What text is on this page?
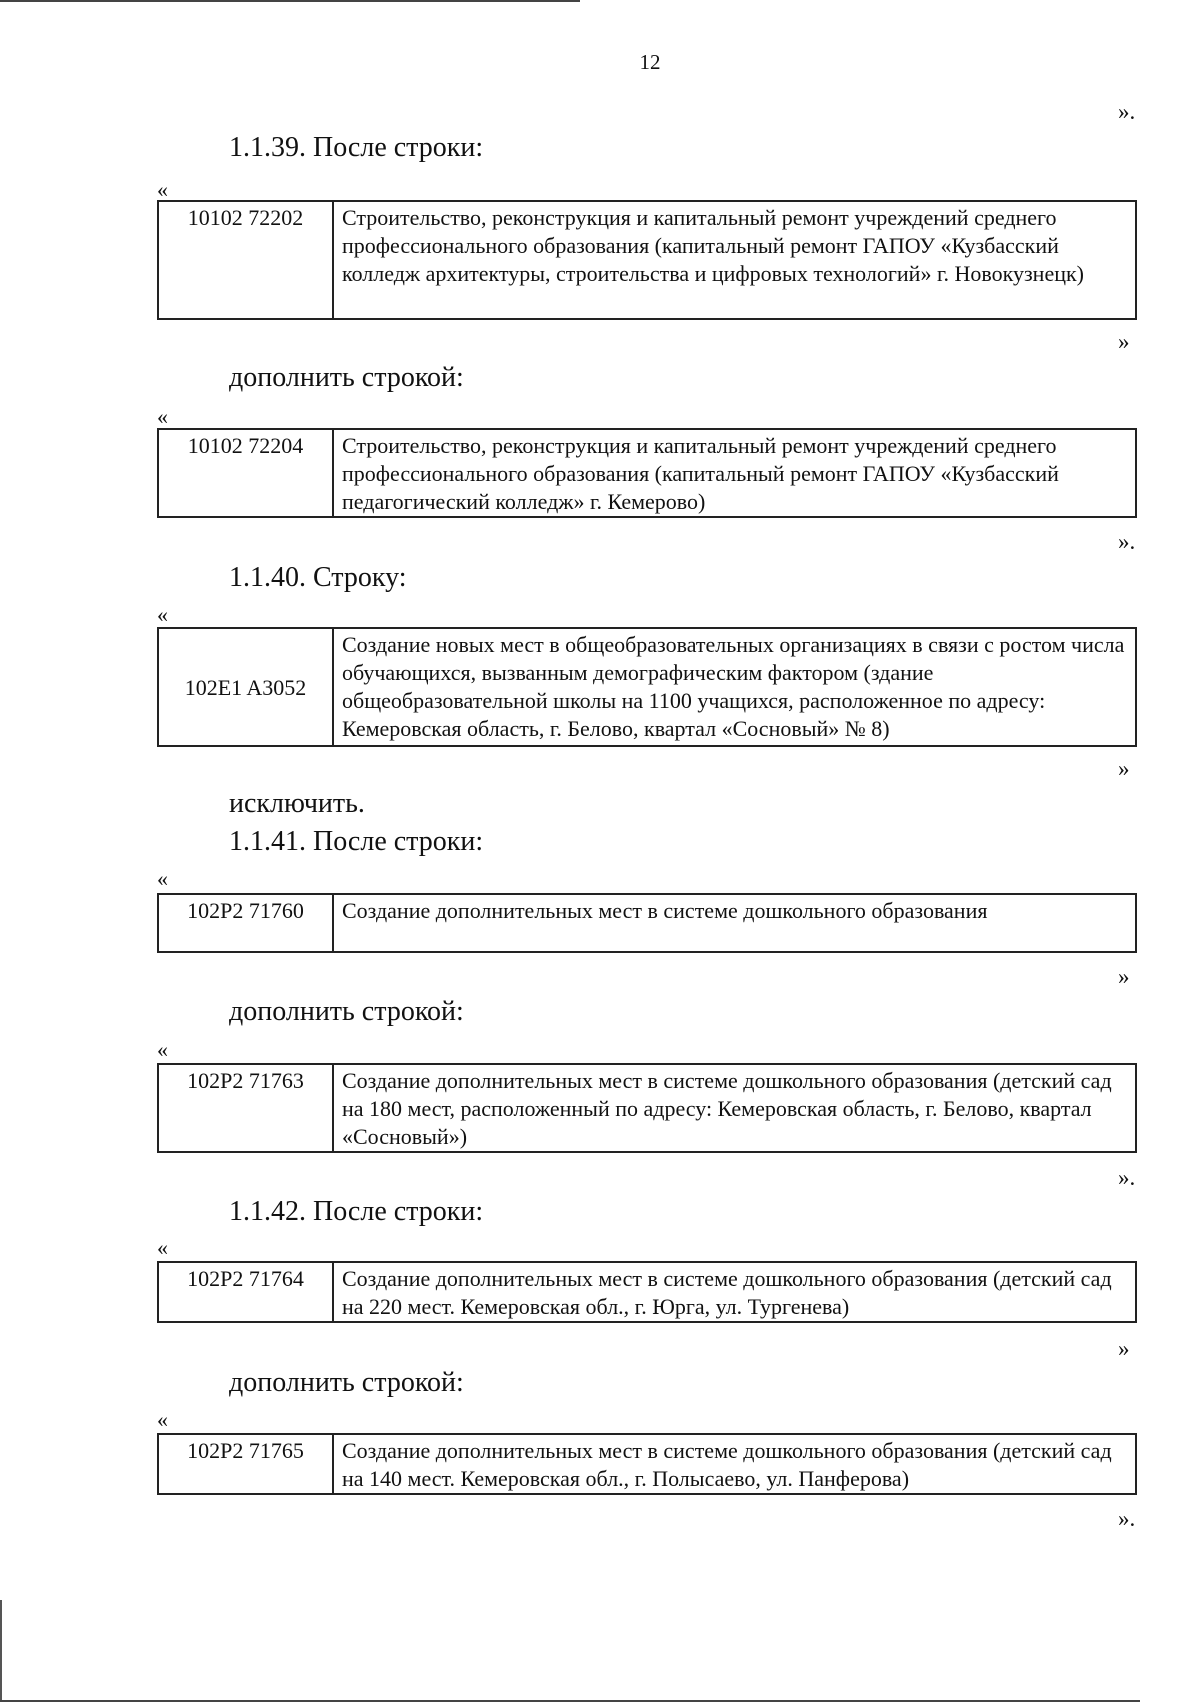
12
».
1.1.39. После строки:
«
10102 72202	Строительство, реконструкция и капитальный ремонт учреждений среднего профессионального образования (капитальный ремонт ГАПОУ «Кузбасский колледж архитектуры, строительства и цифровых технологий» г. Новокузнецк)
»
дополнить строкой:
«
10102 72204	Строительство, реконструкция и капитальный ремонт учреждений среднего профессионального образования (капитальный ремонт ГАПОУ «Кузбасский педагогический колледж» г. Кемерово)
».
1.1.40. Строку:
«
102E1 A3052	Создание новых мест в общеобразовательных организациях в связи с ростом числа обучающихся, вызванным демографическим фактором (здание общеобразовательной школы на 1100 учащихся, расположенное по адресу: Кемеровская область, г. Белово, квартал «Сосновый» № 8)
»
исключить.
1.1.41. После строки:
«
102P2 71760	Создание дополнительных мест в системе дошкольного образования
»
дополнить строкой:
«
102P2 71763	Создание дополнительных мест в системе дошкольного образования (детский сад на 180 мест, расположенный по адресу: Кемеровская область, г. Белово, квартал «Сосновый»)
».
1.1.42. После строки:
«
102P2 71764	Создание дополнительных мест в системе дошкольного образования (детский сад на 220 мест. Кемеровская обл., г. Юрга, ул. Тургенева)
»
дополнить строкой:
«
102P2 71765	Создание дополнительных мест в системе дошкольного образования (детский сад на 140 мест. Кемеровская обл., г. Полысаево, ул. Панферова)
».
